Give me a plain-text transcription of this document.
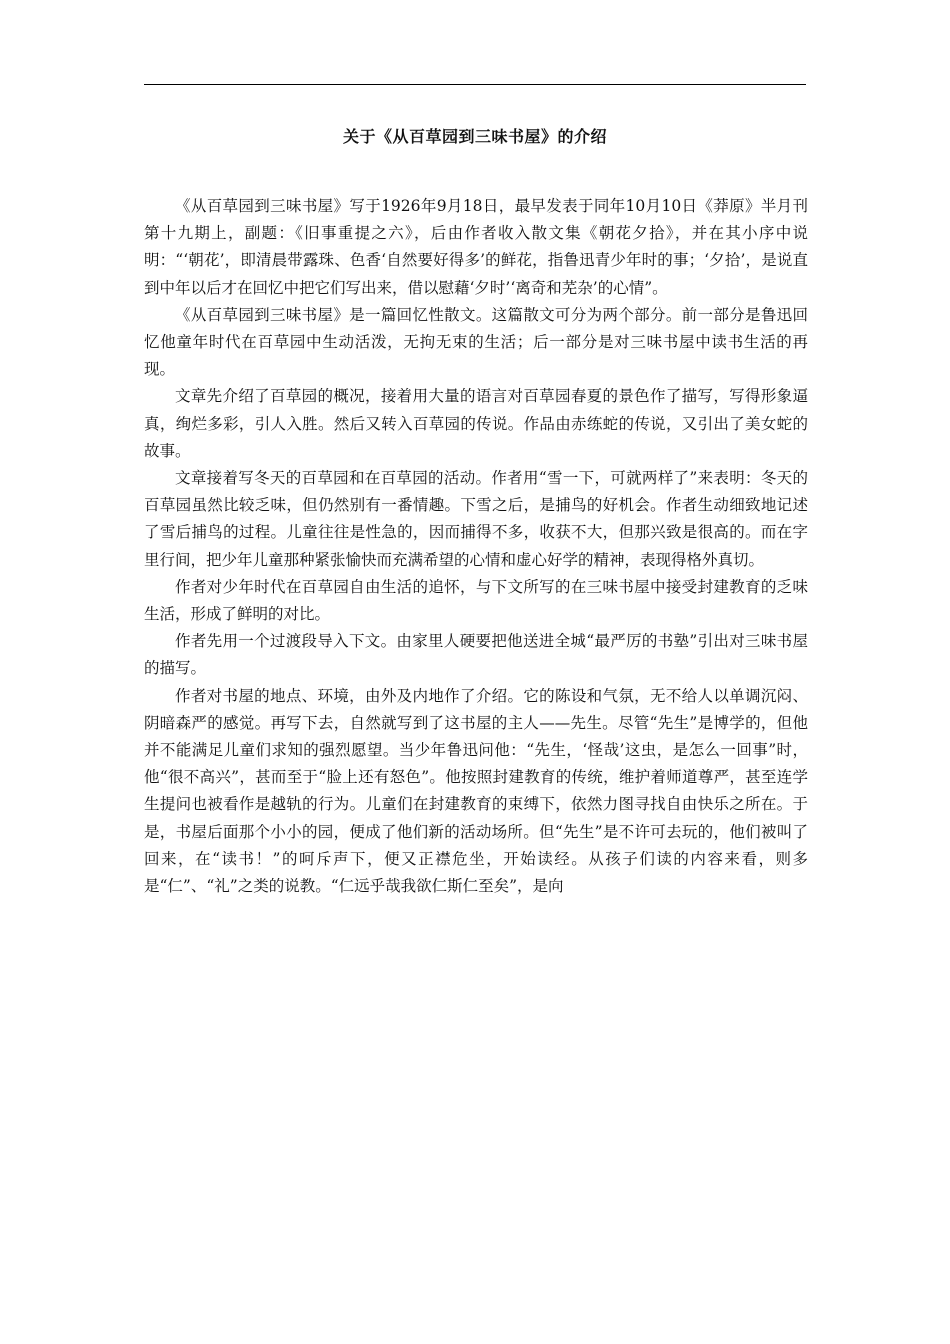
关于《从百草园到三味书屋》的介绍

《从百草园到三味书屋》写于1926年9月18日，最早发表于同年10月10日《莽原》半月刊第十九期上，副题：《旧事重提之六》，后由作者收入散文集《朝花夕拾》，并在其小序中说明：“‘朝花’，即清晨带露珠、色香‘自然要好得多’的鲜花，指鲁迅青少年时的事；‘夕拾’，是说直到中年以后才在回忆中把它们写出来，借以慰藉‘夕时’‘离奇和芜杂’的心情”。

《从百草园到三味书屋》是一篇回忆性散文。这篇散文可分为两个部分。前一部分是鲁迅回忆他童年时代在百草园中生动活泼，无拘无束的生活；后一部分是对三味书屋中读书生活的再现。

文章先介绍了百草园的概况，接着用大量的语言对百草园春夏的景色作了描写，写得形象逼真，绚烂多彩，引人入胜。然后又转入百草园的传说。作品由赤练蛇的传说，又引出了美女蛇的故事。

文章接着写冬天的百草园和在百草园的活动。作者用“雪一下，可就两样了”来表明：冬天的百草园虽然比较乏味，但仍然别有一番情趣。下雪之后，是捕鸟的好机会。作者生动细致地记述了雪后捕鸟的过程。儿童往往是性急的，因而捕得不多，收获不大，但那兴致是很高的。而在字里行间，把少年儿童那种紧张愉快而充满希望的心情和虚心好学的精神，表现得格外真切。

作者对少年时代在百草园自由生活的追怀，与下文所写的在三味书屋中接受封建教育的乏味生活，形成了鲜明的对比。

作者先用一个过渡段导入下文。由家里人硬要把他送进全城“最严厉的书塾”引出对三味书屋的描写。

作者对书屋的地点、环境，由外及内地作了介绍。它的陈设和气氛，无不给人以单调沉闷、阴暗森严的感觉。再写下去，自然就写到了这书屋的主人——先生。尽管“先生”是博学的，但他并不能满足儿童们求知的强烈愿望。当少年鲁迅问他：“先生，‘怪哉’这虫，是怎么一回事”时，他“很不高兴”，甚而至于“脸上还有怒色”。他按照封建教育的传统，维护着师道尊严，甚至连学生提问也被看作是越轨的行为。儿童们在封建教育的束缚下，依然力图寻找自由快乐之所在。于是，书屋后面那个小小的园，便成了他们新的活动场所。但“先生”是不许可去玩的，他们被叫了回来，在“读书！”的呵斥声下，便又正襟危坐，开始读经。从孩子们读的内容来看，则多是“仁”、“礼”之类的说教。“仁远乎哉我欲仁斯仁至矣”，是向
